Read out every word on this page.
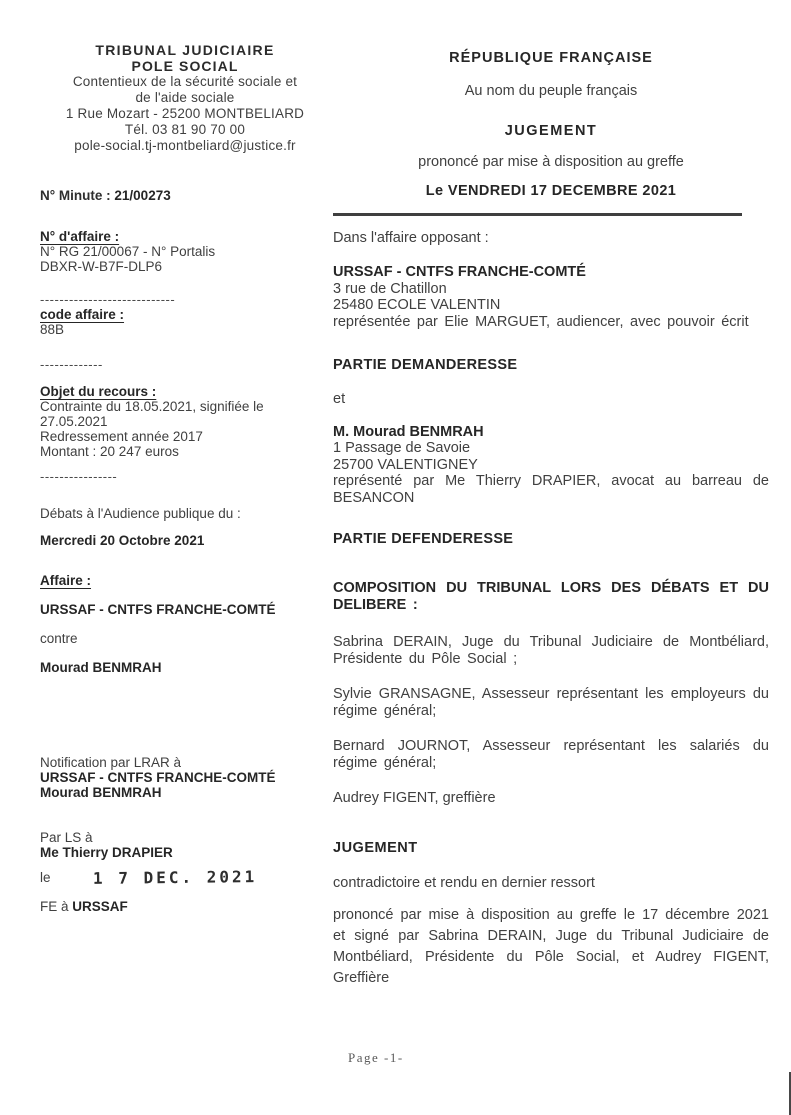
TRIBUNAL JUDICIAIRE
POLE SOCIAL
Contentieux de la sécurité sociale et
de l'aide sociale
1 Rue Mozart - 25200 MONTBELIARD
Tél. 03 81 90 70 00
pole-social.tj-montbeliard@justice.fr
N° Minute : 21/00273
N° d'affaire :
N° RG 21/00067 - N° Portalis
DBXR-W-B7F-DLP6
----------------------------
code affaire :
88B
-------------
Objet du recours :
Contrainte du 18.05.2021, signifiée le
27.05.2021
Redressement année 2017
Montant : 20 247 euros
----------------
Débats à l'Audience publique du :
Mercredi 20 Octobre 2021
Affaire :
URSSAF - CNTFS FRANCHE-COMTÉ
contre
Mourad BENMRAH
Notification par LRAR à
URSSAF - CNTFS FRANCHE-COMTÉ
Mourad BENMRAH
Par LS à
Me Thierry DRAPIER
le	1 7 DEC. 2021
FE à URSSAF
RÉPUBLIQUE FRANÇAISE
Au nom du peuple français
JUGEMENT
prononcé par mise à disposition au greffe
Le VENDREDI 17 DECEMBRE 2021
Dans l'affaire opposant :
URSSAF - CNTFS FRANCHE-COMTÉ
3 rue de Chatillon
25480 ECOLE VALENTIN
représentée par Elie MARGUET, audiencer, avec pouvoir écrit
PARTIE DEMANDERESSE
et
M. Mourad BENMRAH
1 Passage de Savoie
25700 VALENTIGNEY
représenté par Me Thierry DRAPIER, avocat au barreau de BESANCON
PARTIE DEFENDERESSE
COMPOSITION DU TRIBUNAL LORS DES DÉBATS ET DU DELIBERE :
Sabrina DERAIN, Juge du Tribunal Judiciaire de Montbéliard, Présidente du Pôle Social ;
Sylvie GRANSAGNE, Assesseur représentant les employeurs du régime général;
Bernard JOURNOT, Assesseur représentant les salariés du régime général;
Audrey FIGENT, greffière
JUGEMENT
contradictoire et rendu en dernier ressort
prononcé par mise à disposition au greffe le 17 décembre 2021 et signé par Sabrina DERAIN, Juge du Tribunal Judiciaire de Montbéliard, Présidente du Pôle Social, et Audrey FIGENT, Greffière
Page -1-
